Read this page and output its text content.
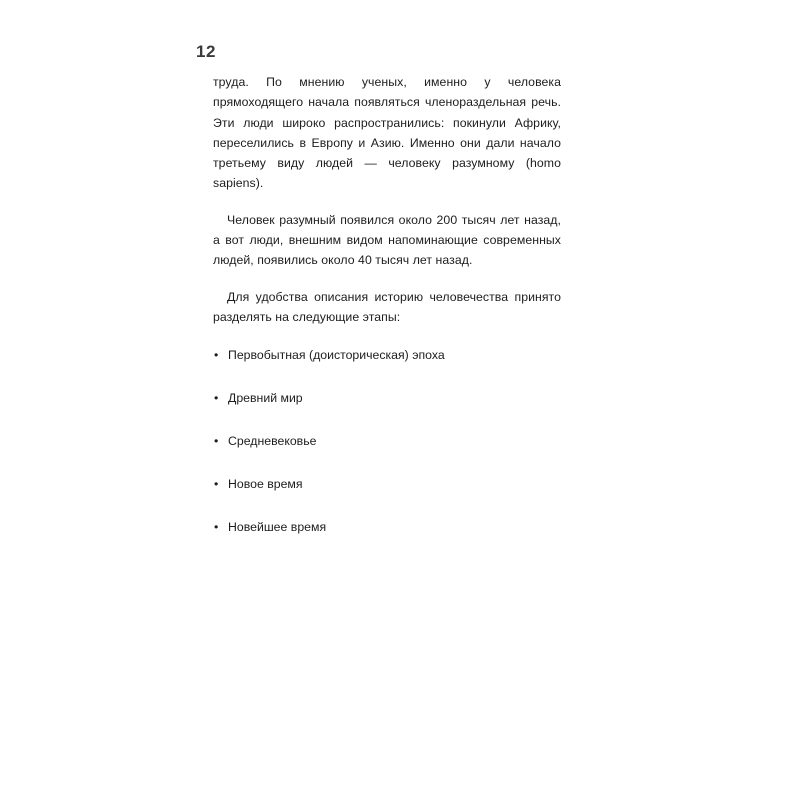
12

труда. По мнению ученых, именно у человека прямоходящего начала появляться членораздельная речь. Эти люди широко распространились: покинули Африку, переселились в Европу и Азию. Именно они дали начало третьему виду людей — человеку разумному (homo sapiens).

Человек разумный появился около 200 тысяч лет назад, а вот люди, внешним видом напоминающие современных людей, появились около 40 тысяч лет назад.

Для удобства описания историю человечества принято разделять на следующие этапы:

• Первобытная (доисторическая) эпоха
• Древний мир
• Средневековье
• Новое время
• Новейшее время
